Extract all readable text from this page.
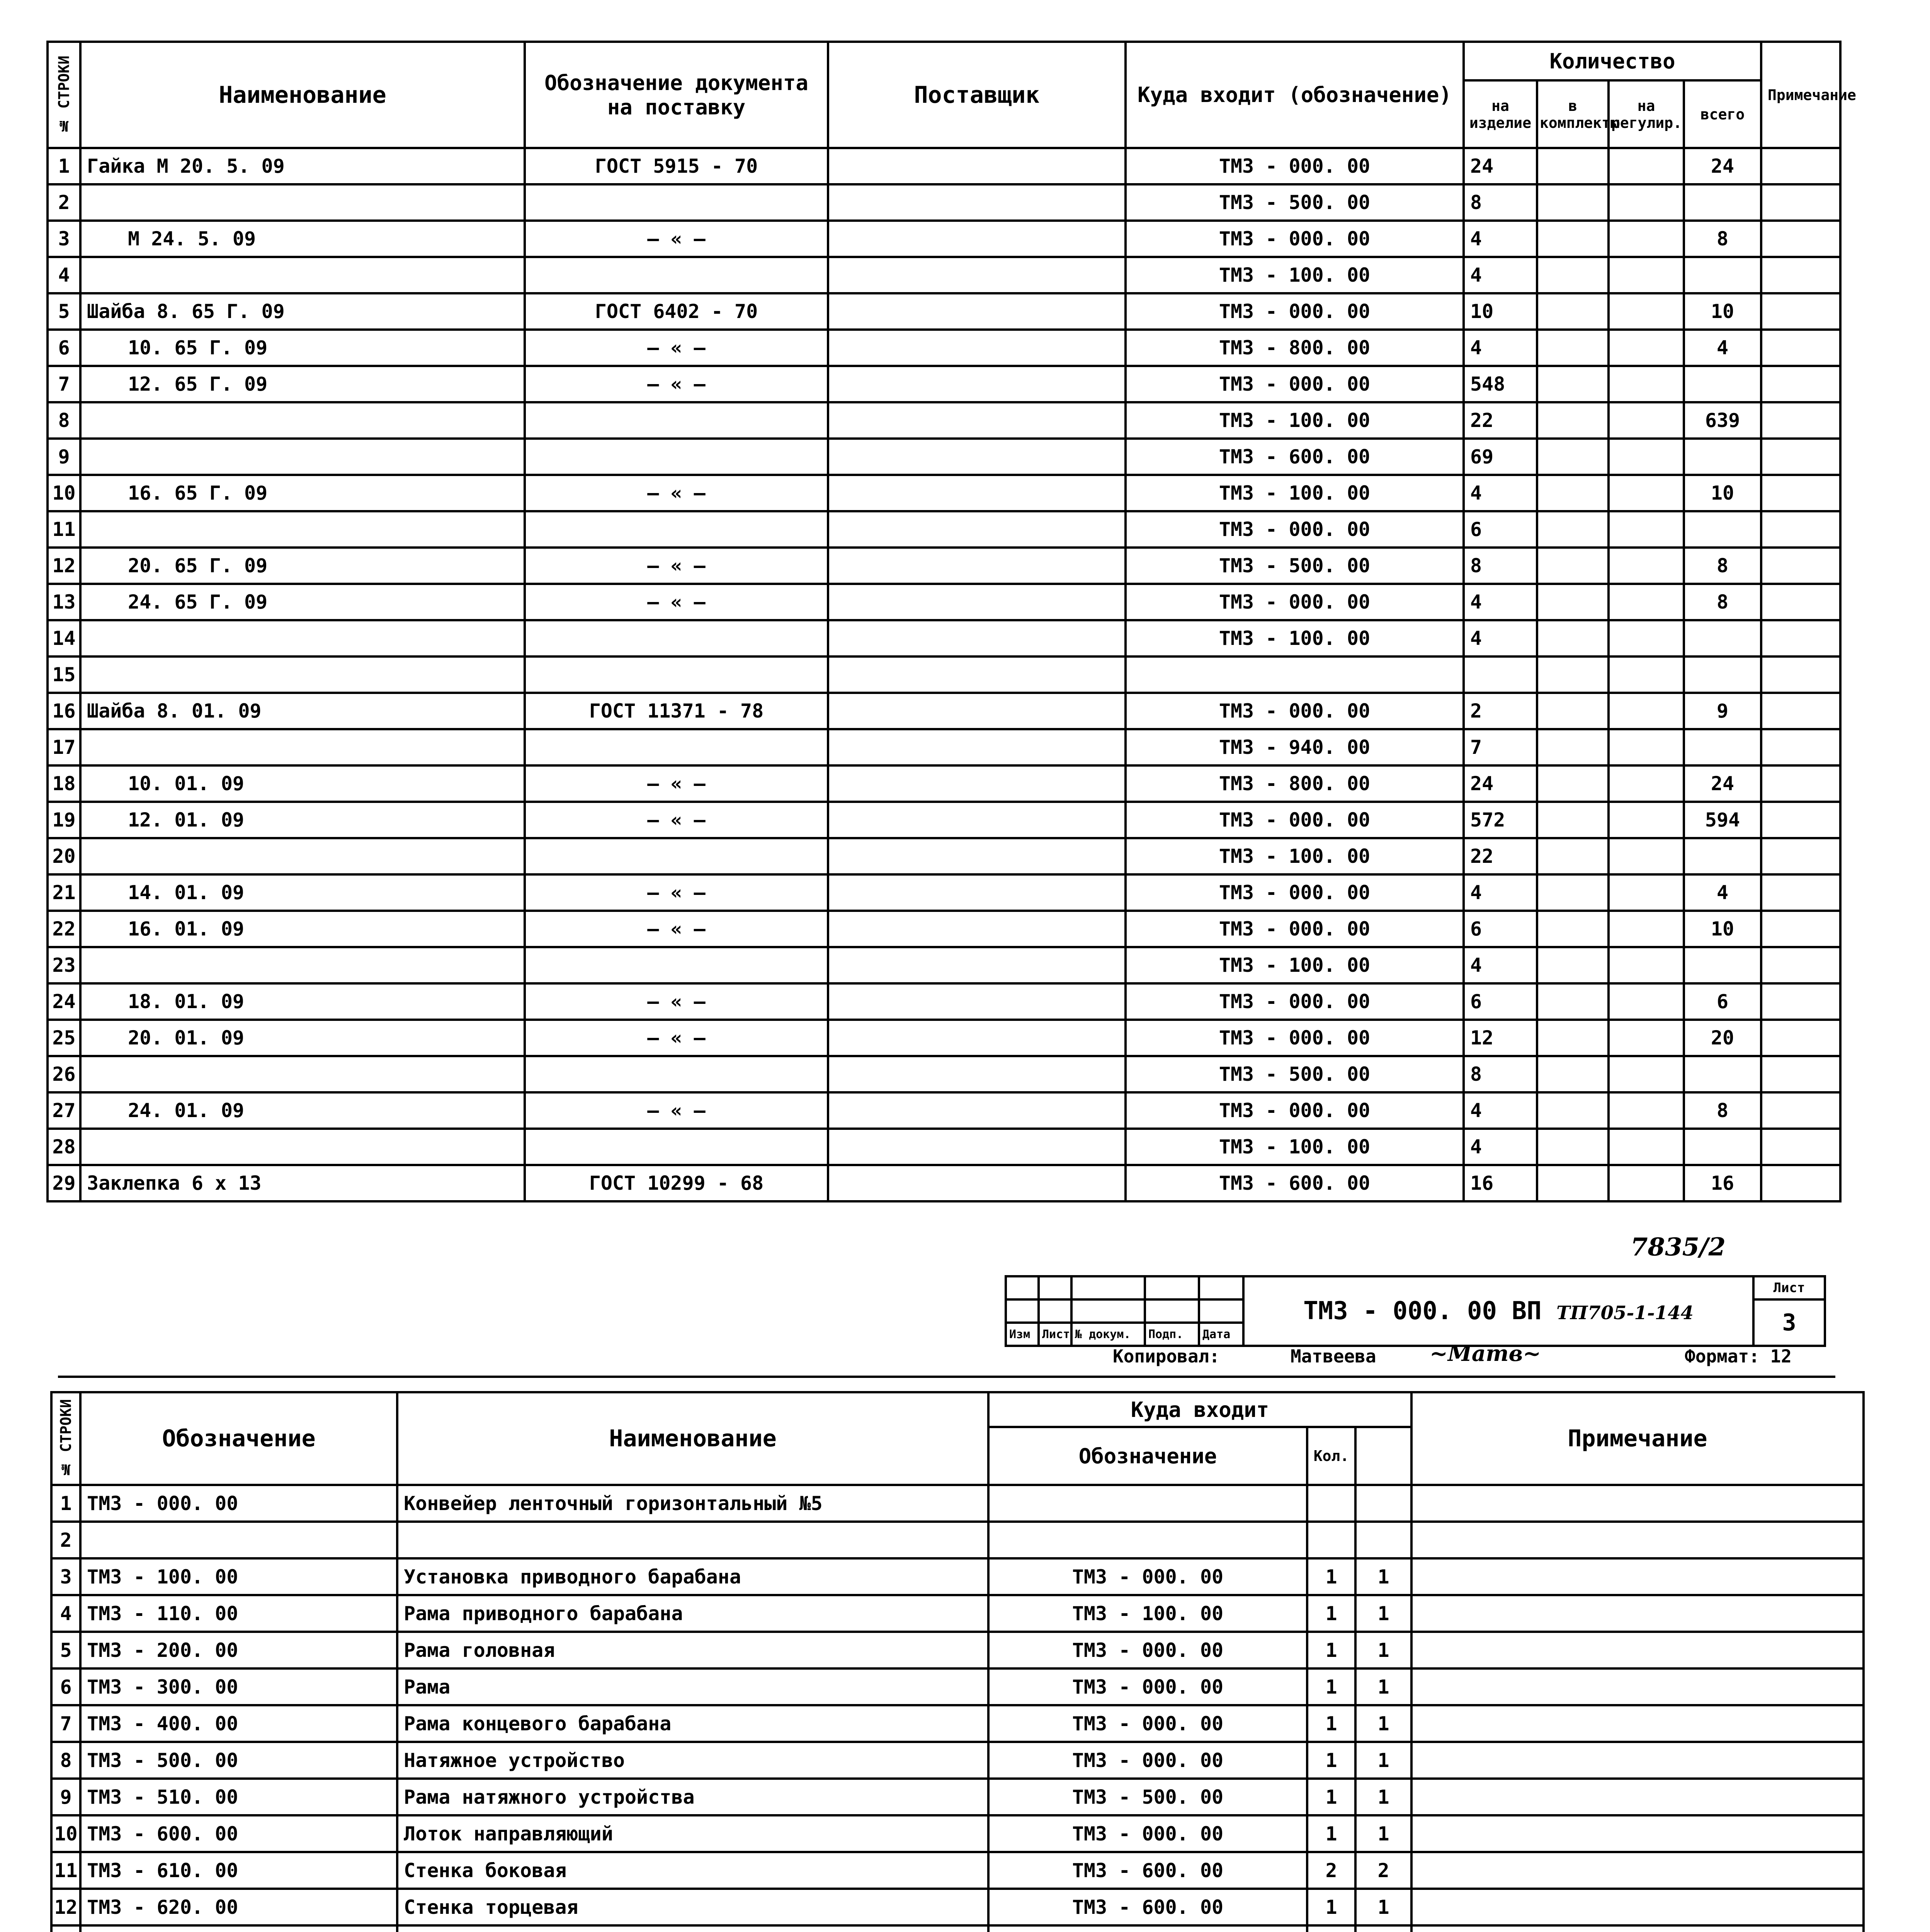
№ СТРОКИ	Наименование	Обозначение документа на поставку	Поставщик	Куда входит (обозначение)	Количество				Примечание
					на изделие	в комплекты	на регулир.	всего	
1	Гайка М 20. 5. 09	ГОСТ 5915 - 70		ТМ3 - 000. 00	24			24	
2				ТМ3 - 500. 00	8				
3	М 24. 5. 09	— « —		ТМ3 - 000. 00	4			8	
4				ТМ3 - 100. 00	4				
5	Шайба 8. 65 Г. 09	ГОСТ 6402 - 70		ТМ3 - 000. 00	10			10	
6	10. 65 Г. 09	— « —		ТМ3 - 800. 00	4			4	
7	12. 65 Г. 09	— « —		ТМ3 - 000. 00	548				
8				ТМ3 - 100. 00	22			639	
9				ТМ3 - 600. 00	69				
10	16. 65 Г. 09	— « —		ТМ3 - 100. 00	4			10	
11				ТМ3 - 000. 00	6				
12	20. 65 Г. 09	— « —		ТМ3 - 500. 00	8			8	
13	24. 65 Г. 09	— « —		ТМ3 - 000. 00	4			8	
14				ТМ3 - 100. 00	4				
15									
16	Шайба 8. 01. 09	ГОСТ 11371 - 78		ТМ3 - 000. 00	2			9	
17				ТМ3 - 940. 00	7				
18	10. 01. 09	— « —		ТМ3 - 800. 00	24			24	
19	12. 01. 09	— « —		ТМ3 - 000. 00	572			594	
20				ТМ3 - 100. 00	22				
21	14. 01. 09	— « —		ТМ3 - 000. 00	4			4	
22	16. 01. 09	— « —		ТМ3 - 000. 00	6			10	
23				ТМ3 - 100. 00	4				
24	18. 01. 09	— « —		ТМ3 - 000. 00	6			6	
25	20. 01. 09	— « —		ТМ3 - 000. 00	12			20	
26				ТМ3 - 500. 00	8				
27	24. 01. 09	— « —		ТМ3 - 000. 00	4			8	
28				ТМ3 - 100. 00	4				
29	Заклепка 6 х 13	ГОСТ 10299 - 68		ТМ3 - 600. 00	16			16	
7835/2
					ТМ3 - 000. 00 ВП ТП705-1-144	Лист
						3
Изм	Лист	№ докум.	Подп.	Дата		
Копировал:	Матвеева ~Матв~	Формат: 12
№ СТРОКИ	Обозначение	Наименование	Куда входит			Примечание
			Обозначение	Кол.		
1	ТМ3 - 000. 00	Конвейер ленточный горизонтальный №5				
2						
3	ТМ3 - 100. 00	Установка приводного барабана	ТМ3 - 000. 00	1	1	
4	ТМ3 - 110. 00	Рама приводного барабана	ТМ3 - 100. 00	1	1	
5	ТМ3 - 200. 00	Рама головная	ТМ3 - 000. 00	1	1	
6	ТМ3 - 300. 00	Рама	ТМ3 - 000. 00	1	1	
7	ТМ3 - 400. 00	Рама концевого барабана	ТМ3 - 000. 00	1	1	
8	ТМ3 - 500. 00	Натяжное устройство	ТМ3 - 000. 00	1	1	
9	ТМ3 - 510. 00	Рама натяжного устройства	ТМ3 - 500. 00	1	1	
10	ТМ3 - 600. 00	Лоток направляющий	ТМ3 - 000. 00	1	1	
11	ТМ3 - 610. 00	Стенка боковая	ТМ3 - 600. 00	2	2	
12	ТМ3 - 620. 00	Стенка торцевая	ТМ3 - 600. 00	1	1	
